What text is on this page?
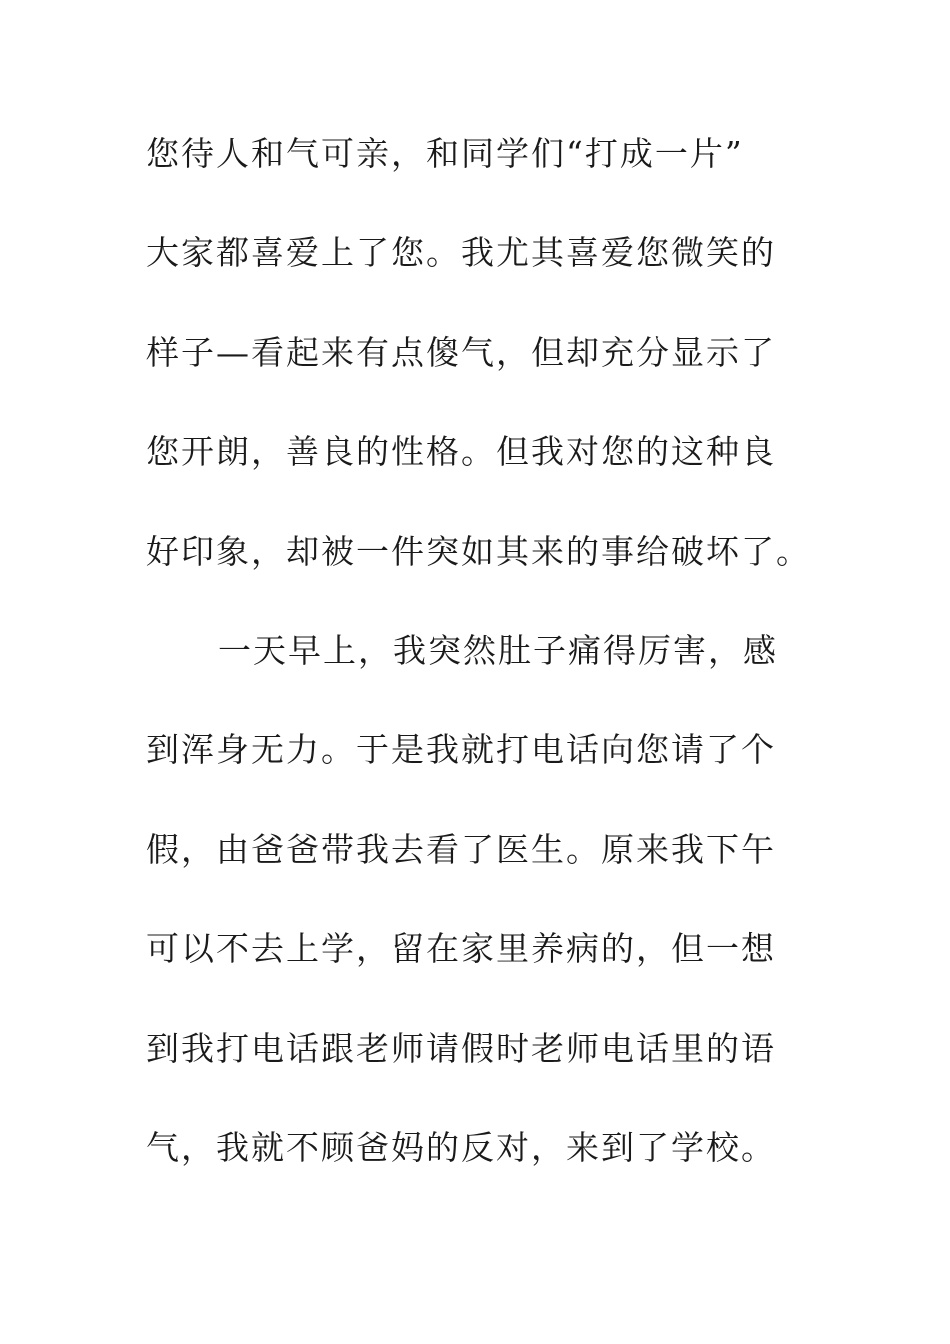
您待人和气可亲，和同学们“打成一片”
大家都喜爱上了您。我尤其喜爱您微笑的
样子—看起来有点傻气，但却充分显示了
您开朗，善良的性格。但我对您的这种良
好印象，却被一件突如其来的事给破坏了。
一天早上，我突然肚子痛得厉害，感
到浑身无力。于是我就打电话向您请了个
假，由爸爸带我去看了医生。原来我下午
可以不去上学，留在家里养病的，但一想
到我打电话跟老师请假时老师电话里的语
气，我就不顾爸妈的反对，来到了学校。
